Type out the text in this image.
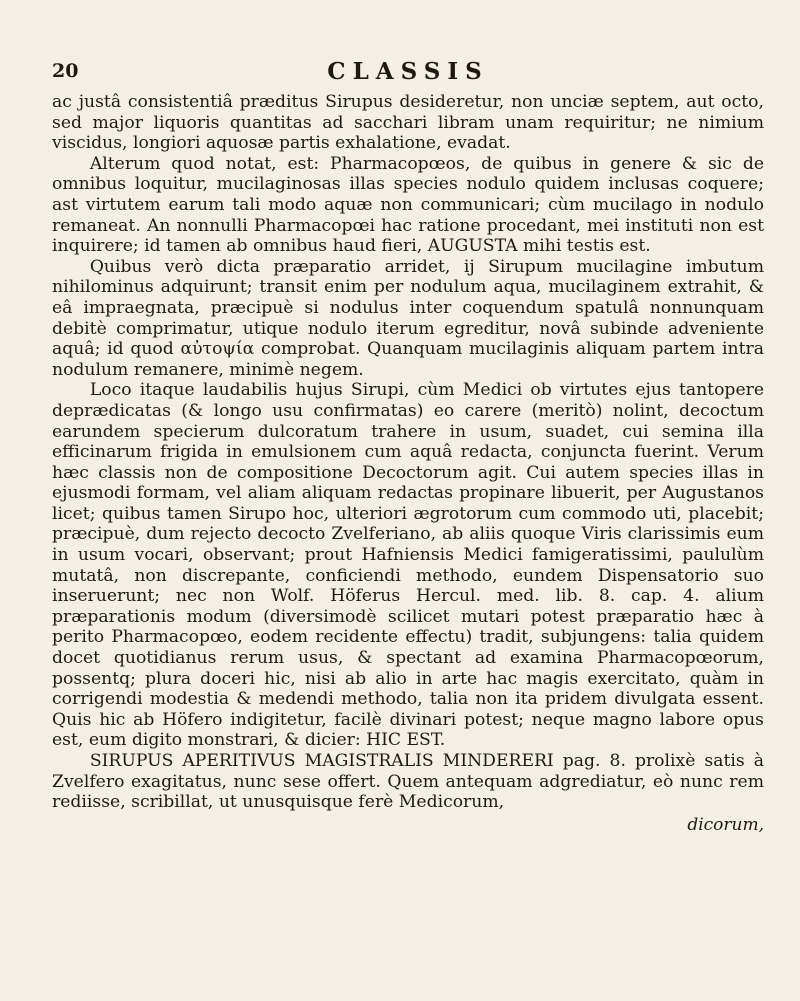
20	CLASSIS

ac justâ consistentiâ præditus Sirupus desideretur, non unciæ septem, aut octo, sed major liquoris quantitas ad sacchari libram unam requiritur; ne nimium viscidus, longiori aquosæ partis exhalatione, evadat.

Alterum quod notat, est: Pharmacopœos, de quibus in genere & sic de omnibus loquitur, mucilaginosas illas species nodulo quidem inclusas coquere; ast virtutem earum tali modo aquæ non communicari; cùm mucilago in nodulo remaneat. An nonnulli Pharmacopœi hac ratione procedant, mei instituti non est inquirere; id tamen ab omnibus haud fieri, AUGUSTA mihi testis est.

Quibus verò dicta præparatio arridet, ij Sirupum mucilagine imbutum nihilominus adquirunt; transit enim per nodulum aqua, mucilaginem extrahit, & eâ impraegnata, præcipuè si nodulus inter coquendum spatulâ nonnunquam debitè comprimatur, utique nodulo iterum egreditur, novâ subinde adveniente aquâ; id quod αὐτοψία comprobat. Quanquam mucilaginis aliquam partem intra nodulum remanere, minimè negem.

Loco itaque laudabilis hujus Sirupi, cùm Medici ob virtutes ejus tantopere deprædicatas (& longo usu confirmatas) eo carere (meritò) nolint, decoctum earundem specierum dulcoratum trahere in usum, suadet, cui semina illa efficinarum frigida in emulsionem cum aquâ redacta, conjuncta fuerint. Verum hæc classis non de compositione Decoctorum agit. Cui autem species illas in ejusmodi formam, vel aliam aliquam redactas propinare libuerit, per Augustanos licet; quibus tamen Sirupo hoc, ulteriori ægrotorum cum commodo uti, placebit; præcipuè, dum rejecto decocto Zvelferiano, ab aliis quoque Viris clarissimis eum in usum vocari, observant; prout Hafniensis Medici famigeratissimi, paululùm mutatâ, non discrepante, conficiendi methodo, eundem Dispensatorio suo inseruerunt; nec non Wolf. Höferus Hercul. med. lib. 8. cap. 4. alium præparationis modum (diversimodè scilicet mutari potest præparatio hæc à perito Pharmacopœo, eodem recidente effectu) tradit, subjungens: talia quidem docet quotidianus rerum usus, & spectant ad examina Pharmacopœorum, possentq; plura doceri hic, nisi ab alio in arte hac magis exercitato, quàm in corrigendi modestia & medendi methodo, talia non ita pridem divulgata essent. Quis hic ab Höfero indigitetur, facilè divinari potest; neque magno labore opus est, eum digito monstrari, & dicier: HIC EST.

SIRUPUS APERITIVUS MAGISTRALIS MINDERERI pag. 8. prolixè satis à Zvelfero exagitatus, nunc sese offert. Quem antequam adgrediatur, eò nunc rem rediisse, scribillat, ut unusquisque ferè Medicorum,

dicorum,
